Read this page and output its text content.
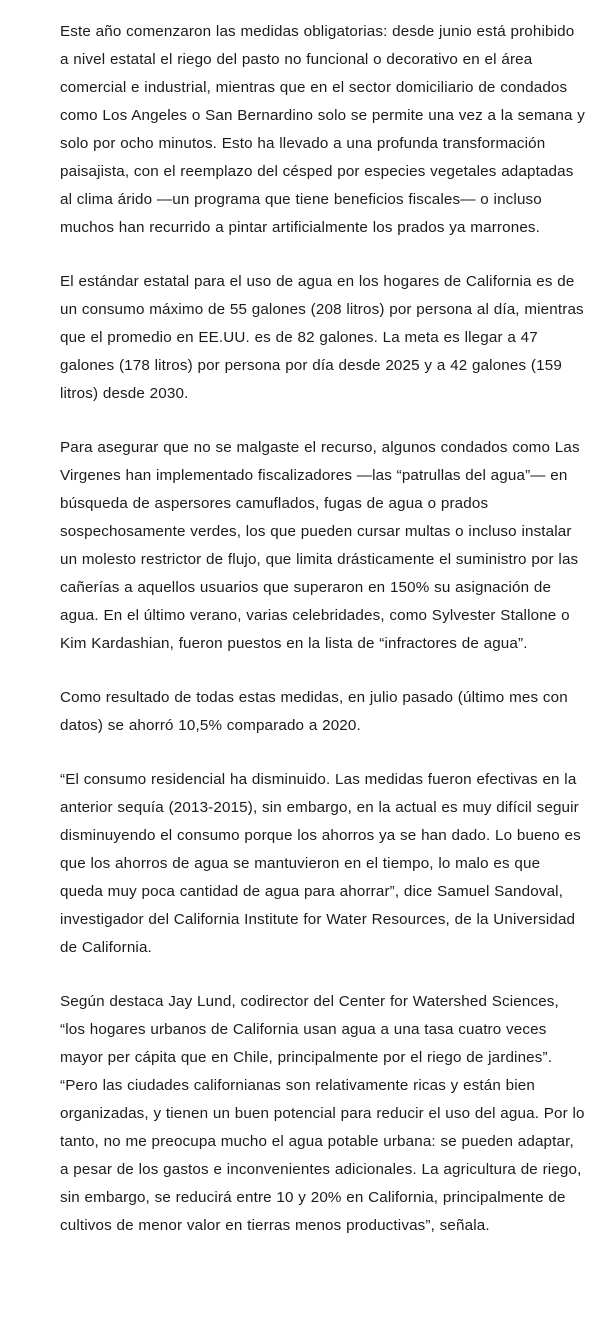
Este año comenzaron las medidas obligatorias: desde junio está prohibido a nivel estatal el riego del pasto no funcional o decorativo en el área comercial e industrial, mientras que en el sector domiciliario de condados como Los Angeles o San Bernardino solo se permite una vez a la semana y solo por ocho minutos. Esto ha llevado a una profunda transformación paisajista, con el reemplazo del césped por especies vegetales adaptadas al clima árido —un programa que tiene beneficios fiscales— o incluso muchos han recurrido a pintar artificialmente los prados ya marrones.

El estándar estatal para el uso de agua en los hogares de California es de un consumo máximo de 55 galones (208 litros) por persona al día, mientras que el promedio en EE.UU. es de 82 galones. La meta es llegar a 47 galones (178 litros) por persona por día desde 2025 y a 42 galones (159 litros) desde 2030.

Para asegurar que no se malgaste el recurso, algunos condados como Las Virgenes han implementado fiscalizadores —las “patrullas del agua”— en búsqueda de aspersores camuflados, fugas de agua o prados sospechosamente verdes, los que pueden cursar multas o incluso instalar un molesto restrictor de flujo, que limita drásticamente el suministro por las cañerías a aquellos usuarios que superaron en 150% su asignación de agua. En el último verano, varias celebridades, como Sylvester Stallone o Kim Kardashian, fueron puestos en la lista de “infractores de agua”.

Como resultado de todas estas medidas, en julio pasado (último mes con datos) se ahorró 10,5% comparado a 2020.

“El consumo residencial ha disminuido. Las medidas fueron efectivas en la anterior sequía (2013-2015), sin embargo, en la actual es muy difícil seguir disminuyendo el consumo porque los ahorros ya se han dado. Lo bueno es que los ahorros de agua se mantuvieron en el tiempo, lo malo es que queda muy poca cantidad de agua para ahorrar”, dice Samuel Sandoval, investigador del California Institute for Water Resources, de la Universidad de California.

Según destaca Jay Lund, codirector del Center for Watershed Sciences, “los hogares urbanos de California usan agua a una tasa cuatro veces mayor per cápita que en Chile, principalmente por el riego de jardines”. “Pero las ciudades californianas son relativamente ricas y están bien organizadas, y tienen un buen potencial para reducir el uso del agua. Por lo tanto, no me preocupa mucho el agua potable urbana: se pueden adaptar, a pesar de los gastos e inconvenientes adicionales. La agricultura de riego, sin embargo, se reducirá entre 10 y 20% en California, principalmente de cultivos de menor valor en tierras menos productivas”, señala.
